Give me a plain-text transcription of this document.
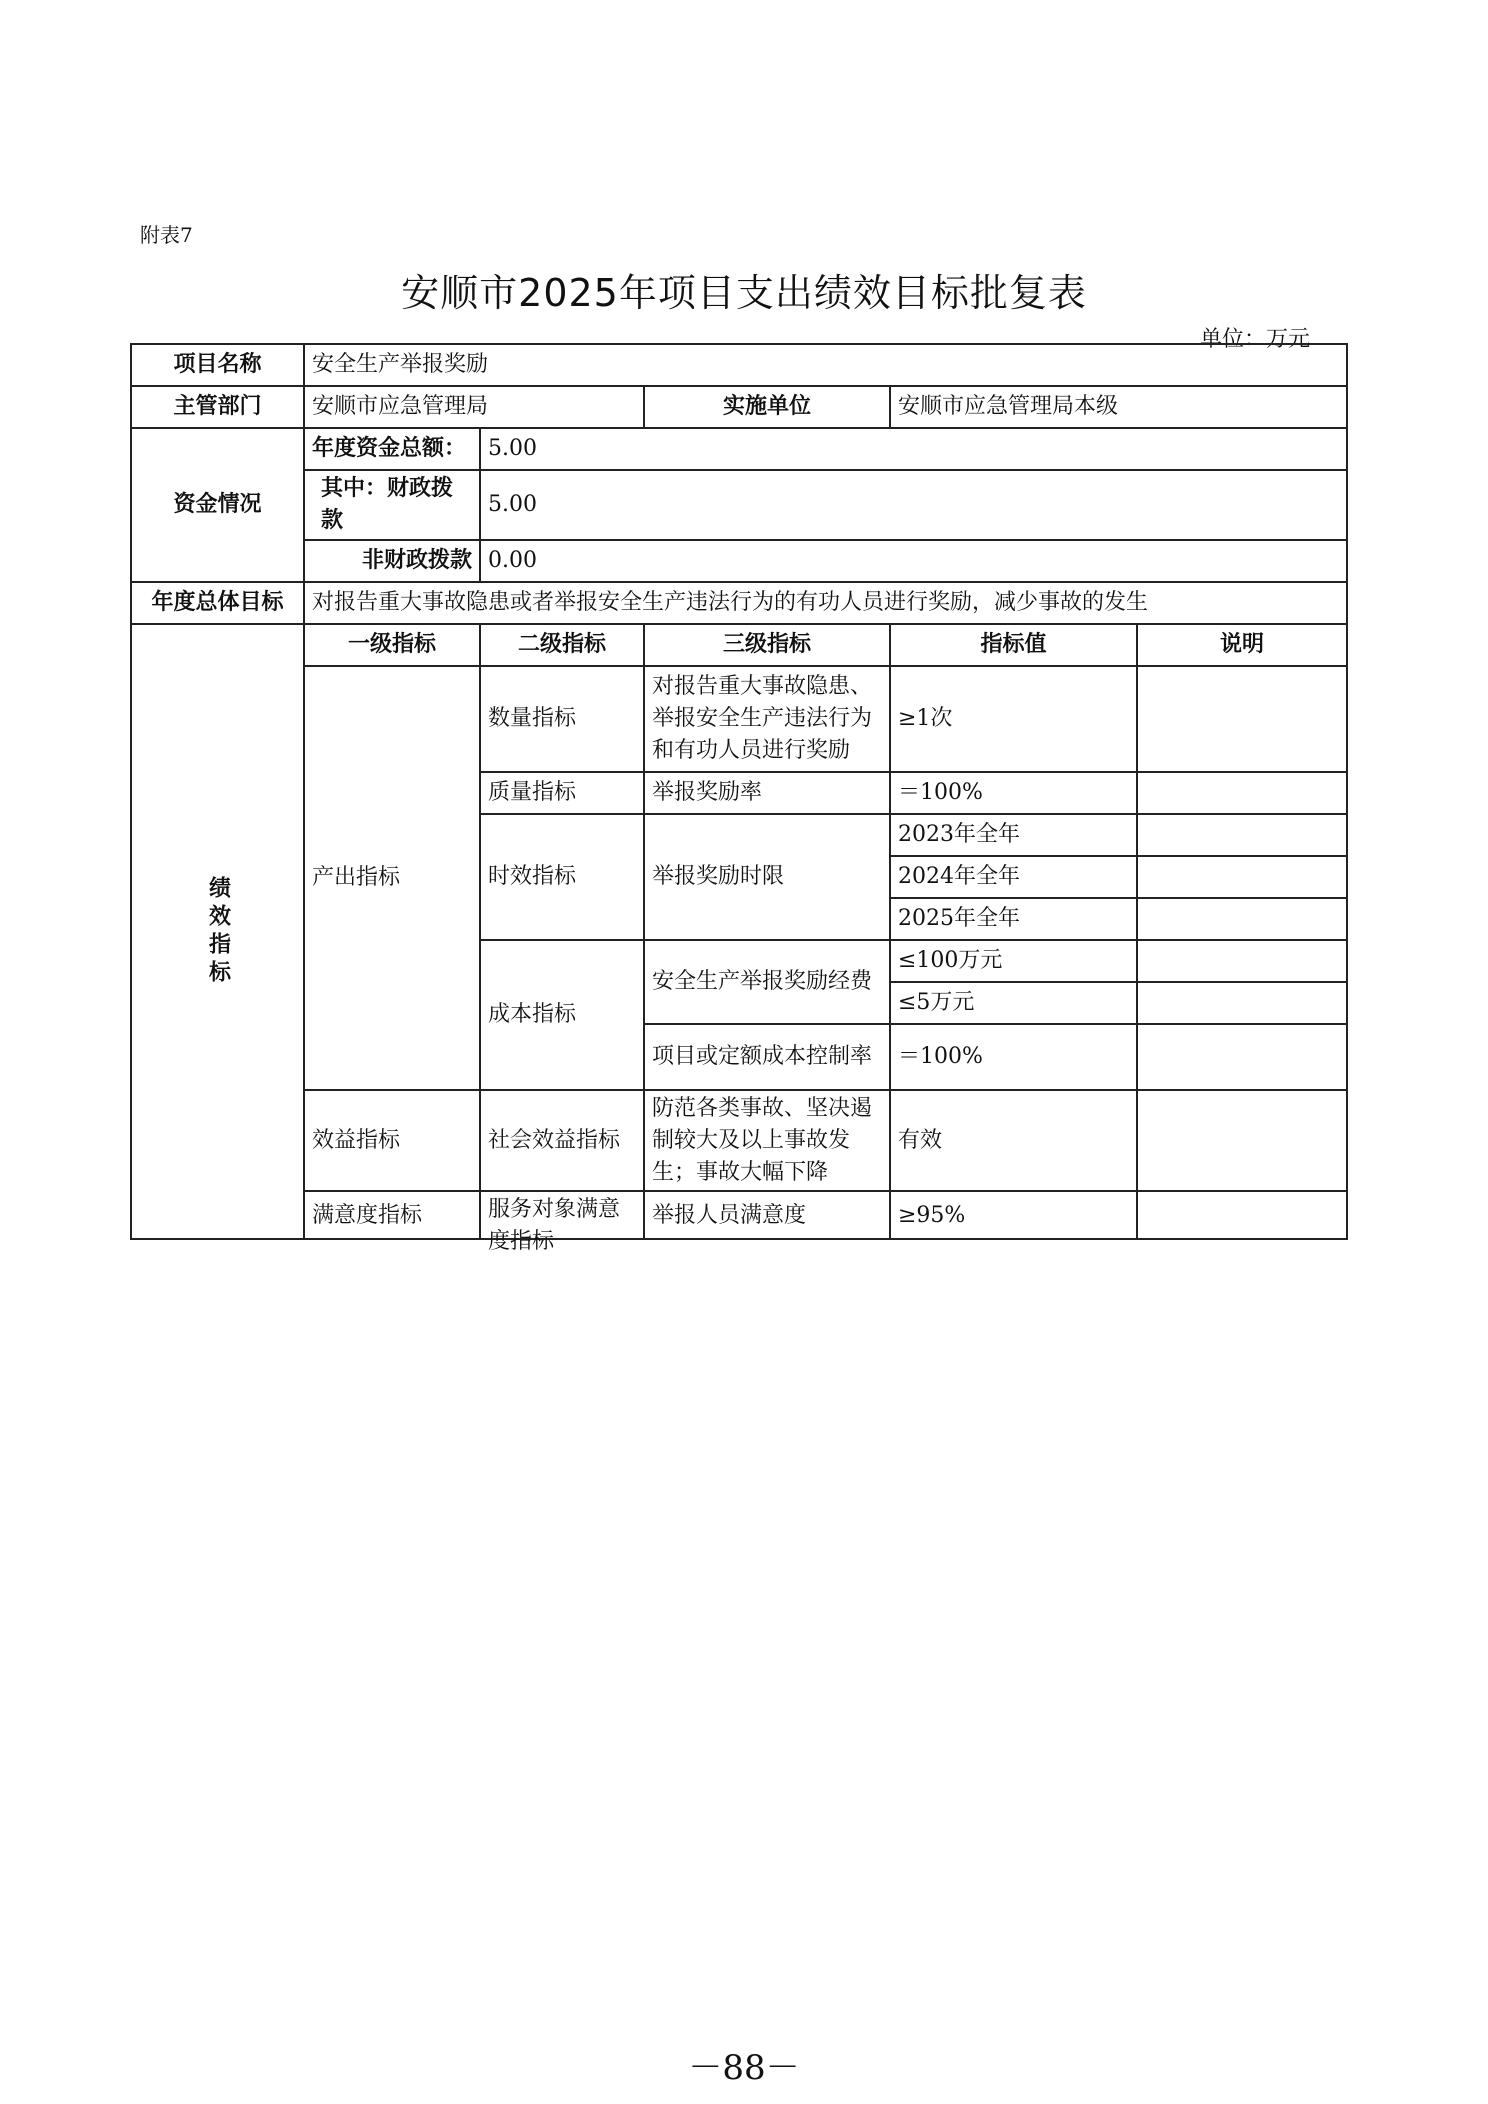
附表7
安顺市2025年项目支出绩效目标批复表
单位：万元
项目名称	安全生产举报奖励				
主管部门	安顺市应急管理局		实施单位	安顺市应急管理局本级	
资金情况	年度资金总额：	5.00			
	其中：财政拨款	5.00			
	非财政拨款	0.00			
年度总体目标	对报告重大事故隐患或者举报安全生产违法行为的有功人员进行奖励，减少事故的发生				

绩效指标	一级指标	二级指标	三级指标	指标值	说明
	产出指标	数量指标	对报告重大事故隐患、举报安全生产违法行为和有功人员进行奖励	≥1次	
		质量指标	举报奖励率	＝100%	
		时效指标	举报奖励时限	2023年全年	
				2024年全年	
				2025年全年	
		成本指标	安全生产举报奖励经费	≤100万元	
				≤5万元	

			项目或定额成本控制率	＝100%	
	效益指标	社会效益指标	防范各类事故、坚决遏制较大及以上事故发生；事故大幅下降	有效	
	满意度指标	服务对象满意度指标	举报人员满意度	≥95%	
－88－
